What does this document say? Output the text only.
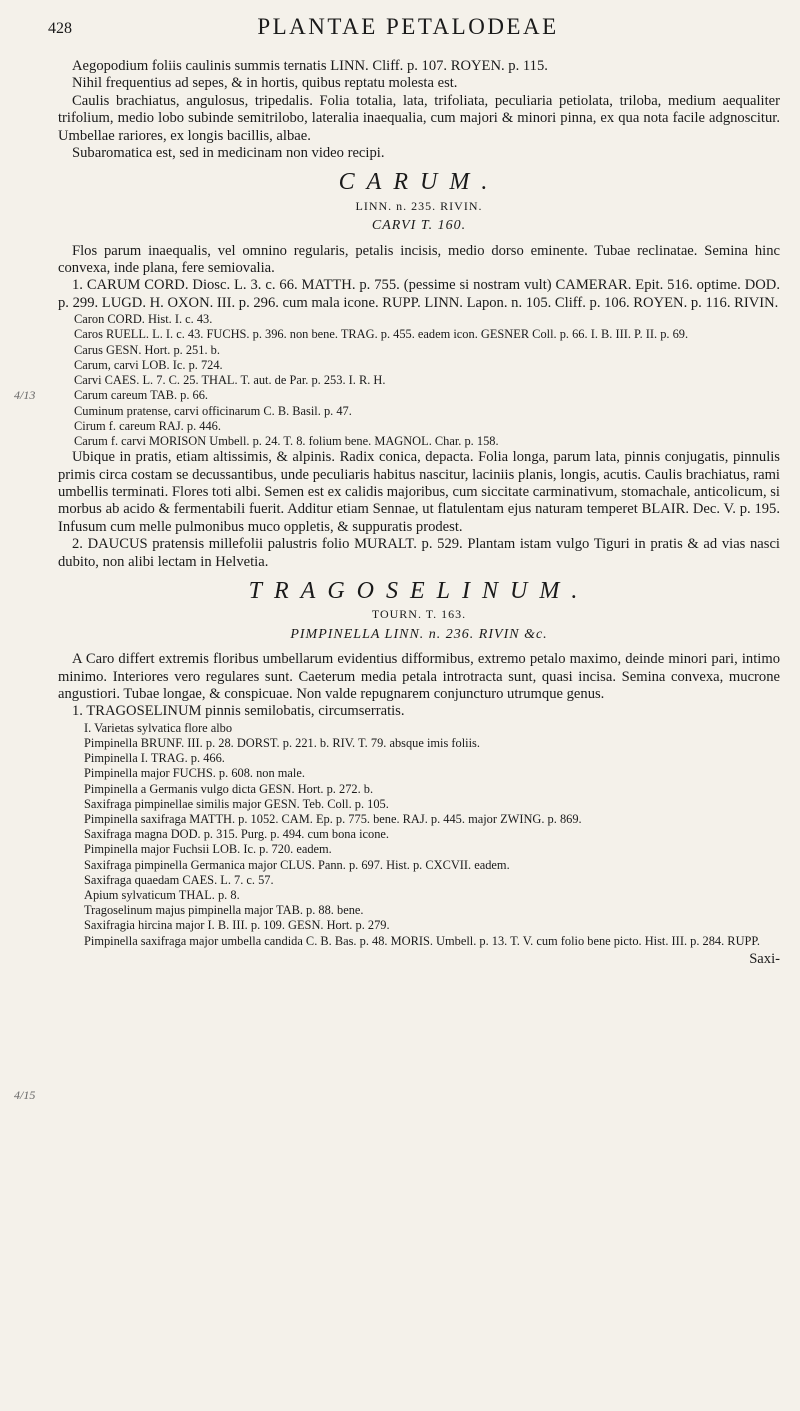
428	PLANTAE PETALODEAE
4/13
4/15

Aegopodium foliis caulinis summis ternatis LINN. Cliff. p. 107. ROYEN. p. 115.

Nihil frequentius ad sepes, & in hortis, quibus reptatu molesta est.

Caulis brachiatus, angulosus, tripedalis. Folia totalia, lata, trifoliata, peculiaria petiolata, triloba, medium aequaliter trifolium, medio lobo subinde semitrilobo, lateralia inaequalia, cum majori & minori pinna, ex qua nota facile adgnoscitur. Umbellae rariores, ex longis bacillis, albae.

Subaromatica est, sed in medicinam non video recipi.

CARUM.
LINN. n. 235. RIVIN.
CARVI T. 160.

Flos parum inaequalis, vel omnino regularis, petalis incisis, medio dorso eminente. Tubae reclinatae. Semina hinc convexa, inde plana, fere semiovalia.

1. CARUM CORD. Diosc. L. 3. c. 66. MATTH. p. 755. (pessime si nostram vult) CAMERAR. Epit. 516. optime. DOD. p. 299. LUGD. H. OXON. III. p. 296. cum mala icone. RUPP. LINN. Lapon. n. 105. Cliff. p. 106. ROYEN. p. 116. RIVIN.

Caron CORD. Hist. I. c. 43.

Caros RUELL. L. I. c. 43. FUCHS. p. 396. non bene. TRAG. p. 455. eadem icon. GESNER Coll. p. 66. I. B. III. P. II. p. 69.

Carus GESN. Hort. p. 251. b.

Carum, carvi LOB. Ic. p. 724.

Carvi CAES. L. 7. C. 25. THAL. T. aut. de Par. p. 253. I. R. H.

Carum careum TAB. p. 66.

Cuminum pratense, carvi officinarum C. B. Basil. p. 47.

Cirum f. careum RAJ. p. 446.

Carum f. carvi MORISON Umbell. p. 24. T. 8. folium bene. MAGNOL. Char. p. 158.

Ubique in pratis, etiam altissimis, & alpinis. Radix conica, depacta. Folia longa, parum lata, pinnis conjugatis, pinnulis primis circa costam se decussantibus, unde peculiaris habitus nascitur, laciniis planis, longis, acutis. Caulis brachiatus, rami umbellis terminati. Flores toti albi. Semen est ex calidis majoribus, cum siccitate carminativum, stomachale, anticolicum, si morbus ab acido & fermentabili fuerit. Additur etiam Sennae, ut flatulentam ejus naturam temperet BLAIR. Dec. V. p. 195. Infusum cum melle pulmonibus muco oppletis, & suppuratis prodest.

2. DAUCUS pratensis millefolii palustris folio MURALT. p. 529. Plantam istam vulgo Tiguri in pratis & ad vias nasci dubito, non alibi lectam in Helvetia.

TRAGOSELINUM.
TOURN. T. 163.
PIMPINELLA LINN. n. 236. RIVIN &c.

A Caro differt extremis floribus umbellarum evidentius difformibus, extremo petalo maximo, deinde minori pari, intimo minimo. Interiores vero regulares sunt. Caeterum media petala introtracta sunt, quasi incisa. Semina convexa, mucrone angustiori. Tubae longae, & conspicuae. Non valde repugnarem conjuncturo utrumque genus.

1. TRAGOSELINUM pinnis semilobatis, circumserratis.

I. Varietas sylvatica flore albo

Pimpinella BRUNF. III. p. 28. DORST. p. 221. b. RIV. T. 79. absque imis foliis.

Pimpinella I. TRAG. p. 466.

Pimpinella major FUCHS. p. 608. non male.

Pimpinella a Germanis vulgo dicta GESN. Hort. p. 272. b.

Saxifraga pimpinellae similis major GESN. Teb. Coll. p. 105.

Pimpinella saxifraga MATTH. p. 1052. CAM. Ep. p. 775. bene. RAJ. p. 445. major ZWING. p. 869.

Saxifraga magna DOD. p. 315. Purg. p. 494. cum bona icone.

Pimpinella major Fuchsii LOB. Ic. p. 720. eadem.

Saxifraga pimpinella Germanica major CLUS. Pann. p. 697. Hist. p. CXCVII. eadem.

Saxifraga quaedam CAES. L. 7. c. 57.

Apium sylvaticum THAL. p. 8.

Tragoselinum majus pimpinella major TAB. p. 88. bene.

Saxifragia hircina major I. B. III. p. 109. GESN. Hort. p. 279.

Pimpinella saxifraga major umbella candida C. B. Bas. p. 48. MORIS. Umbell. p. 13. T. V. cum folio bene picto. Hist. III. p. 284. RUPP.

Saxi-
